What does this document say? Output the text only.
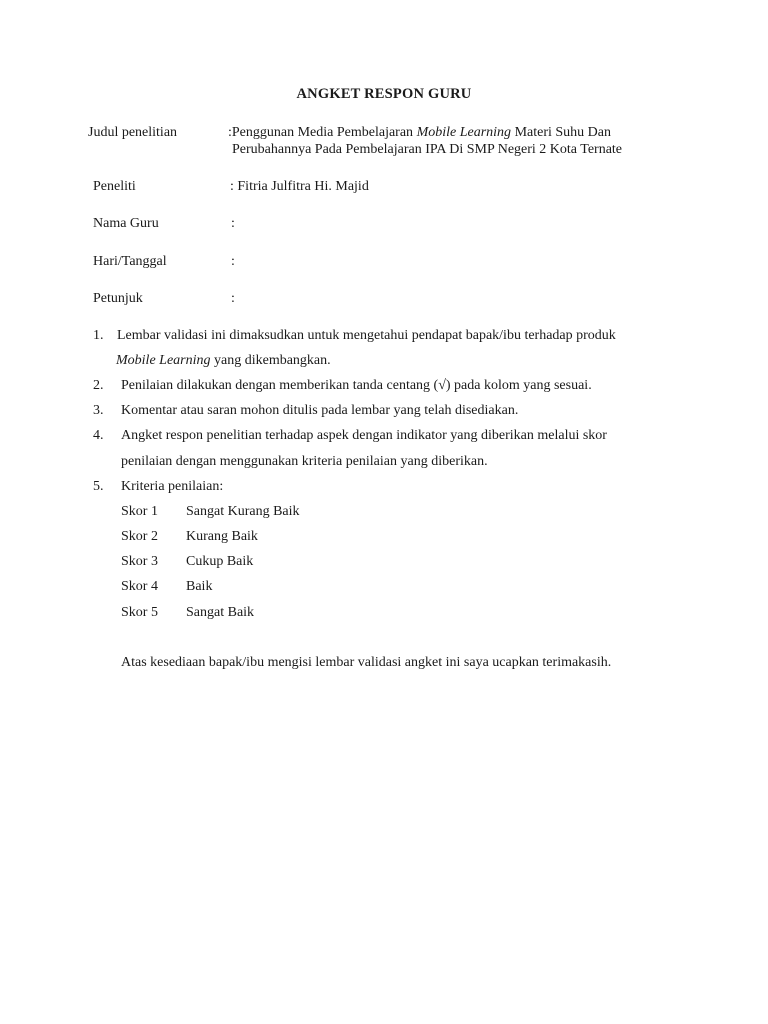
ANGKET RESPON GURU
Judul penelitian	:Penggunan Media Pembelajaran Mobile Learning Materi Suhu Dan
Perubahannya Pada Pembelajaran IPA Di SMP Negeri 2 Kota Ternate
Peneliti	: Fitria Julfitra Hi. Majid
Nama Guru	:
Hari/Tanggal	:
Petunjuk	:
1. Lembar validasi ini dimaksudkan untuk mengetahui pendapat bapak/ibu terhadap produk
Mobile Learning yang dikembangkan.
2. Penilaian dilakukan dengan memberikan tanda centang (√) pada kolom yang sesuai.
3. Komentar atau saran mohon ditulis pada lembar yang telah disediakan.
4. Angket respon penelitian terhadap aspek dengan indikator yang diberikan melalui skor
penilaian dengan menggunakan kriteria penilaian yang diberikan.
5. Kriteria penilaian:
Skor 1 Sangat Kurang Baik
Skor 2 Kurang Baik
Skor 3 Cukup Baik
Skor 4 Baik
Skor 5 Sangat Baik
Atas kesediaan bapak/ibu mengisi lembar validasi angket ini saya ucapkan terimakasih.
